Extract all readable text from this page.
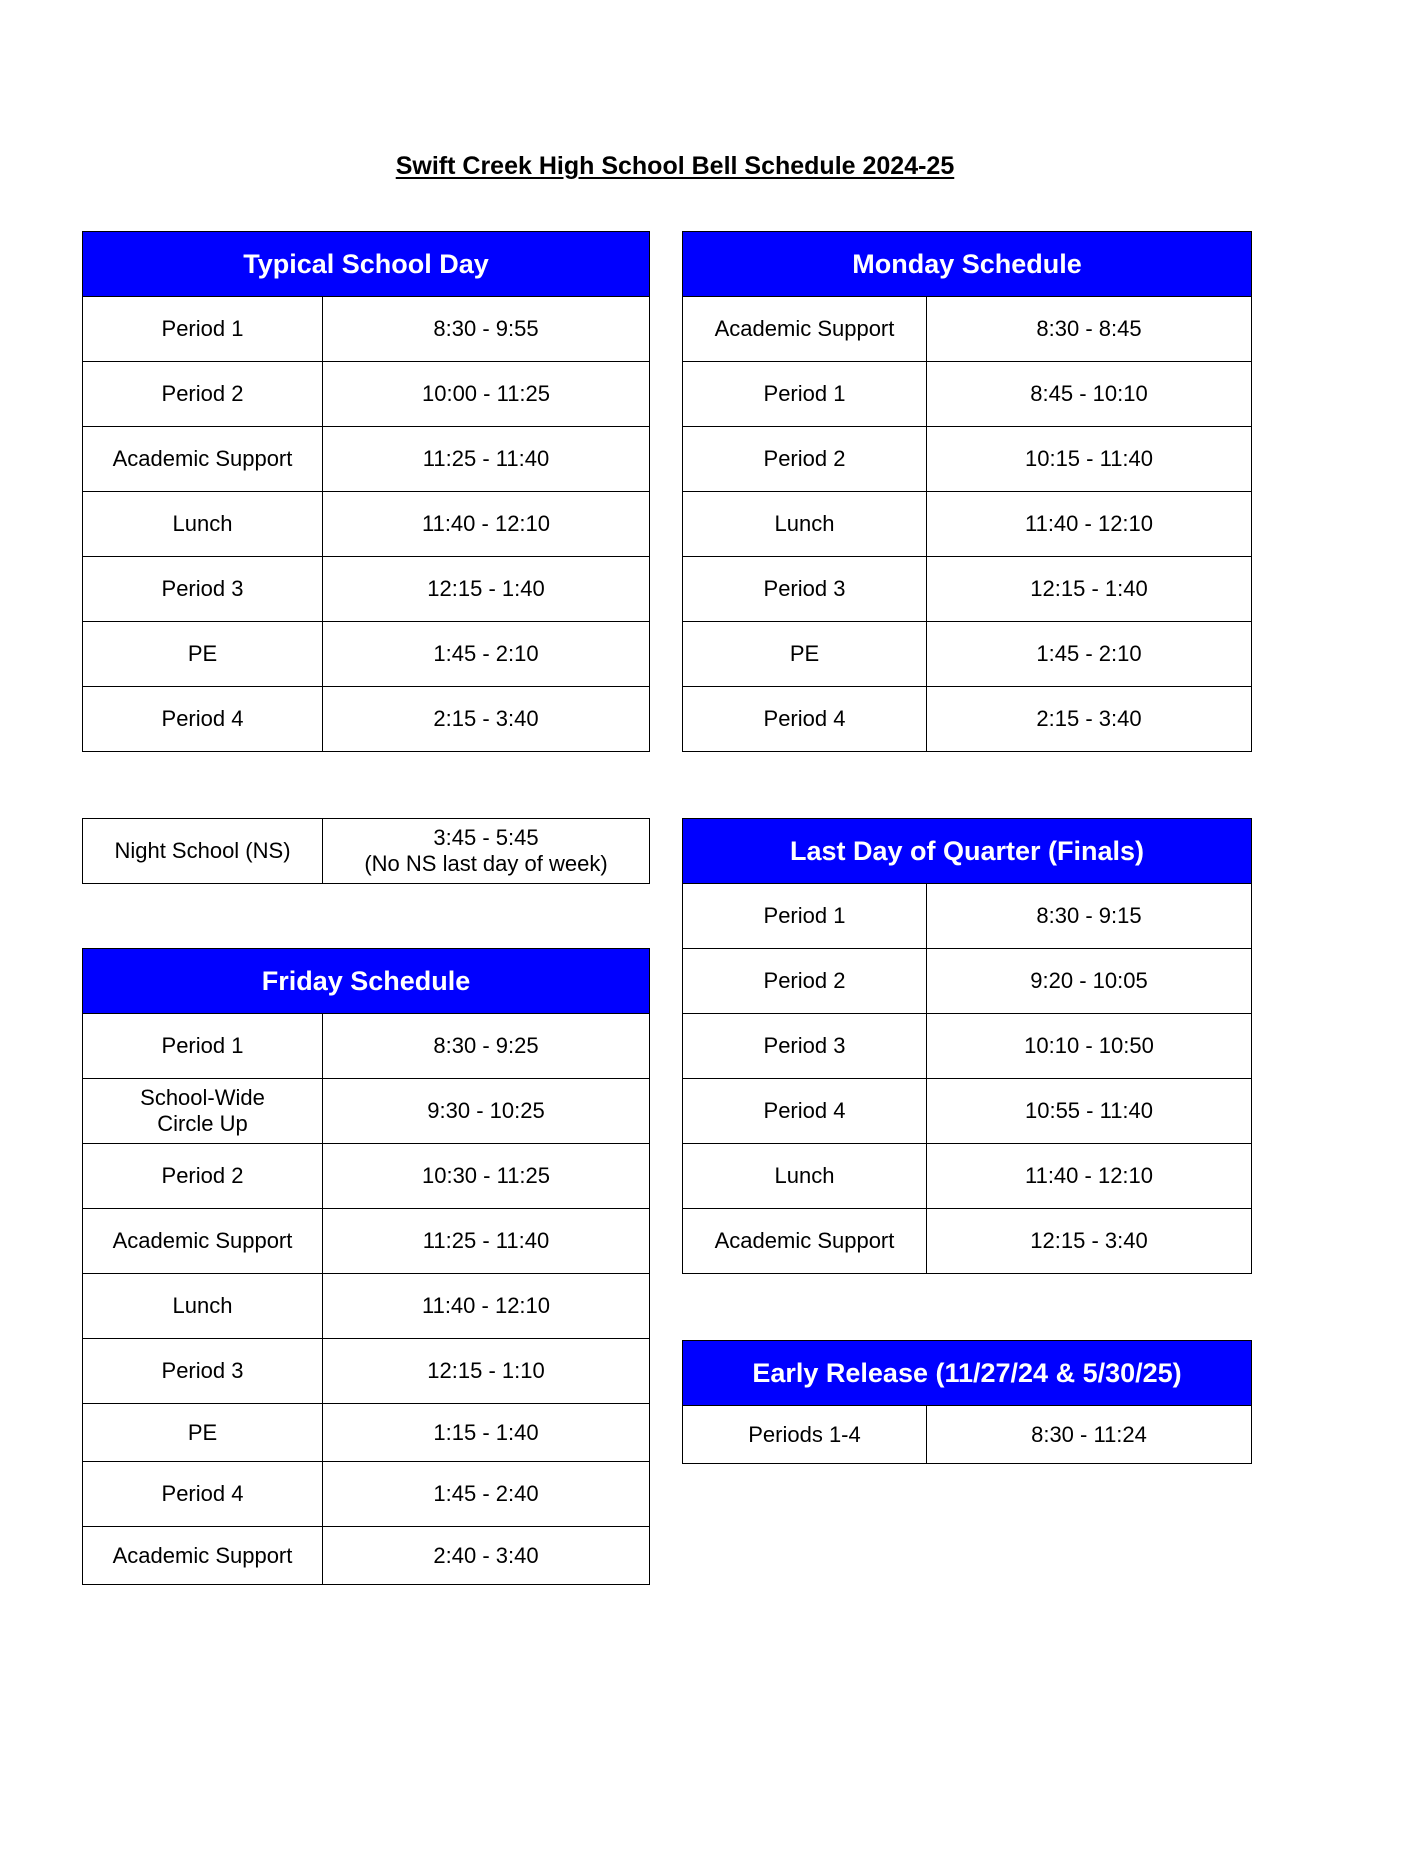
Swift Creek High School Bell Schedule 2024-25
Typical School Day	
Period 1	8:30 - 9:55
Period 2	10:00 - 11:25
Academic Support	11:25 - 11:40
Lunch	11:40 - 12:10
Period 3	12:15 - 1:40
PE	1:45 - 2:10
Period 4	2:15 - 3:40
Monday Schedule	
Academic Support	8:30 - 8:45
Period 1	8:45 - 10:10
Period 2	10:15 - 11:40
Lunch	11:40 - 12:10
Period 3	12:15 - 1:40
PE	1:45 - 2:10
Period 4	2:15 - 3:40
Night School (NS)	3:45 - 5:45
(No NS last day of week)
Friday Schedule	
Period 1	8:30 - 9:25
School-Wide
Circle Up	9:30 - 10:25
Period 2	10:30 - 11:25
Academic Support	11:25 - 11:40
Lunch	11:40 - 12:10
Period 3	12:15 - 1:10
PE	1:15 - 1:40
Period 4	1:45 - 2:40
Academic Support	2:40 - 3:40
Last Day of Quarter (Finals)	
Period 1	8:30 - 9:15
Period 2	9:20 - 10:05
Period 3	10:10 - 10:50
Period 4	10:55 - 11:40
Lunch	11:40 - 12:10
Academic Support	12:15 - 3:40
Early Release (11/27/24 & 5/30/25)
Periods 1-4	8:30 - 11:24
